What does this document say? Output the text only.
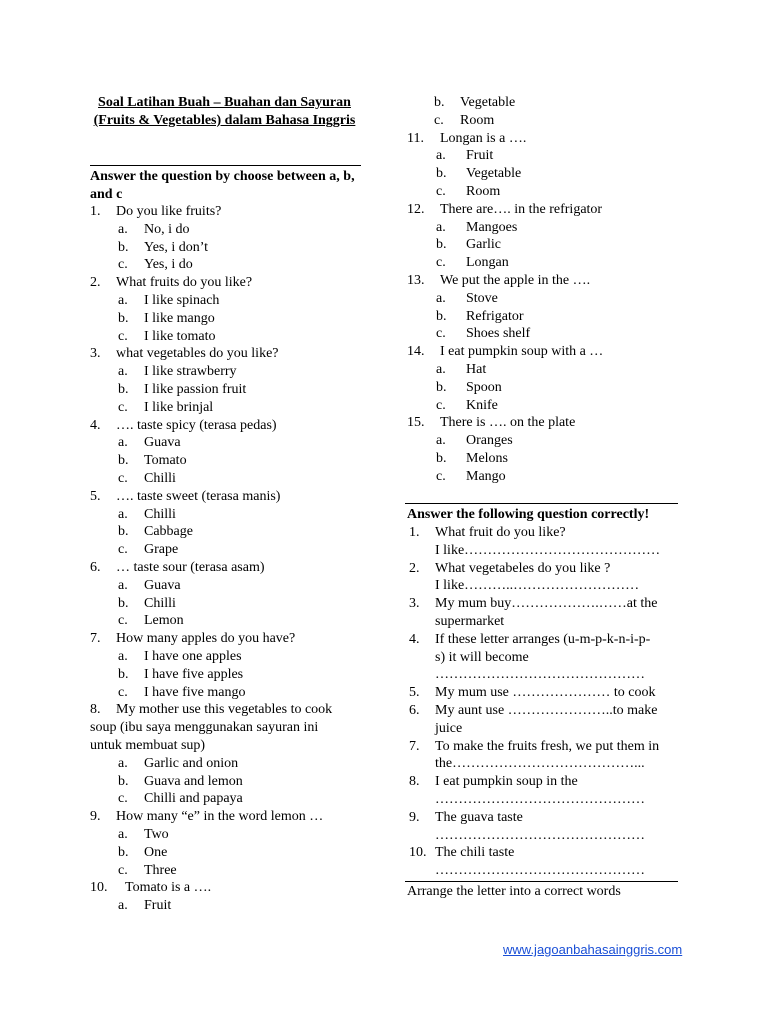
Soal Latihan Buah – Buahan dan Sayuran (Fruits & Vegetables) dalam Bahasa Inggris
Answer the question by choose between a, b, and c
1. Do you like fruits?
a. No, i do
b. Yes, i don’t
c. Yes, i do
2. What fruits do you like?
a. I like spinach
b. I like mango
c. I like tomato
3. what vegetables do you like?
a. I like strawberry
b. I like passion fruit
c. I like brinjal
4. …. taste spicy (terasa pedas)
a. Guava
b. Tomato
c. Chilli
5. …. taste sweet (terasa manis)
a. Chilli
b. Cabbage
c. Grape
6. … taste sour (terasa asam)
a. Guava
b. Chilli
c. Lemon
7. How many apples do you have?
a. I have one apples
b. I have five apples
c. I have five mango
8.	My mother use this vegetables to cook soup (ibu saya menggunakan sayuran ini untuk membuat sup)
a. Garlic and onion
b. Guava and lemon
c. Chilli and papaya
9. How many “e” in the word lemon …
a. Two
b. One
c. Three
10. Tomato is a ….
a. Fruit
b. Vegetable
c. Room
11. Longan is a ….
a. Fruit
b. Vegetable
c. Room
12. There are…. in the refrigator
a. Mangoes
b. Garlic
c. Longan
13. We put the apple in the ….
a. Stove
b. Refrigator
c. Shoes shelf
14. I eat pumpkin soup with a …
a. Hat
b. Spoon
c. Knife
15. There is …. on the plate
a. Oranges
b. Melons
c. Mango
Answer the following question correctly!
1. What fruit do you like?
I like……………………………………
2. What vegetabeles do you like ?
I like………..………………………
3. My mum buy……………….……at the
supermarket
4. If these letter arranges (u-m-p-k-n-i-p-
s) it will become
………………………………………
5. My mum use ………………… to cook
6. My aunt use …………………..to make
juice
7. To make the fruits fresh, we put them in
the…………………………………...
8. I eat pumpkin soup in the
………………………………………
9. The guava taste
………………………………………
10. The chili taste
………………………………………
Arrange the letter into a correct words
www.jagoanbahasainggris.com
